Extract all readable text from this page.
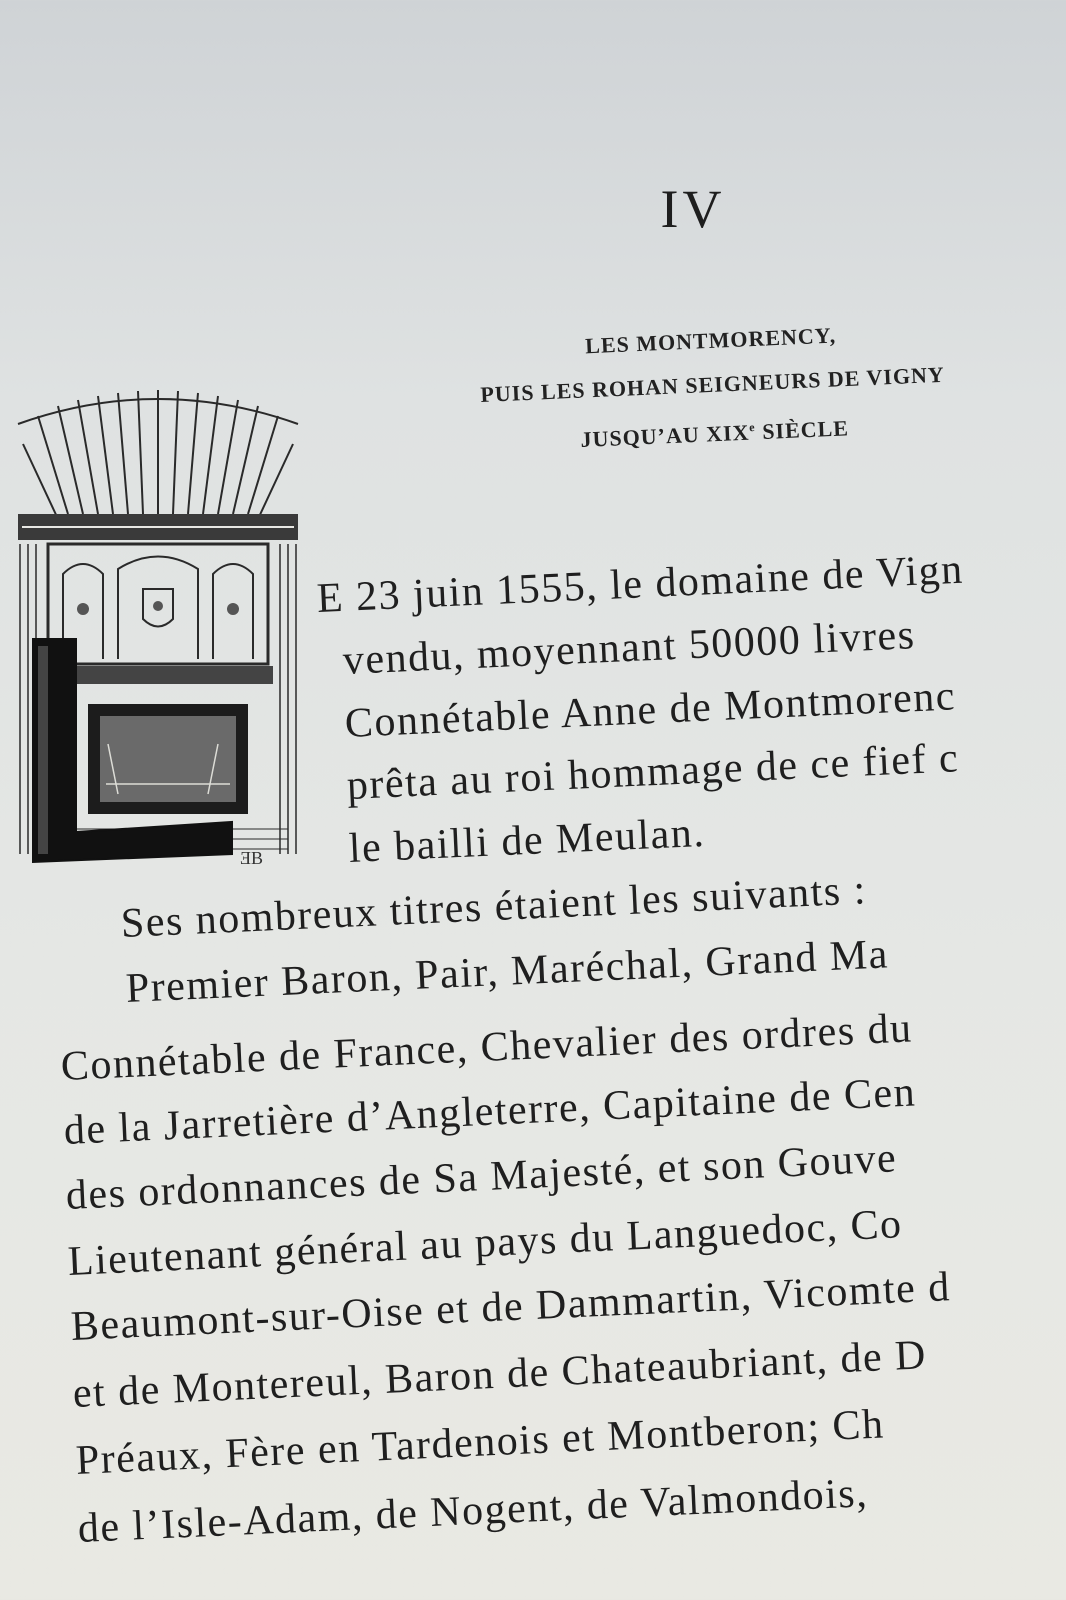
IV
LES MONTMORENCY,
PUIS LES ROHAN SEIGNEURS DE VIGNY
JUSQU’AU XIXe SIÈCLE
ƎB
E 23 juin 1555, le domaine de Vign
vendu, moyennant 50000 livres
Connétable Anne de Montmorenc
prêta au roi hommage de ce fief c
le bailli de Meulan.
Ses nombreux titres étaient les suivants :
Premier Baron, Pair, Maréchal, Grand Ma
Connétable de France, Chevalier des ordres du
de la Jarretière d’Angleterre, Capitaine de Cen
des ordonnances de Sa Majesté, et son Gouve
Lieutenant général au pays du Languedoc, Co
Beaumont-sur-Oise et de Dammartin, Vicomte d
et de Montereul, Baron de Chateaubriant, de D
Préaux, Fère en Tardenois et Montberon; Ch
de l’Isle-Adam, de Nogent, de Valmondois,
